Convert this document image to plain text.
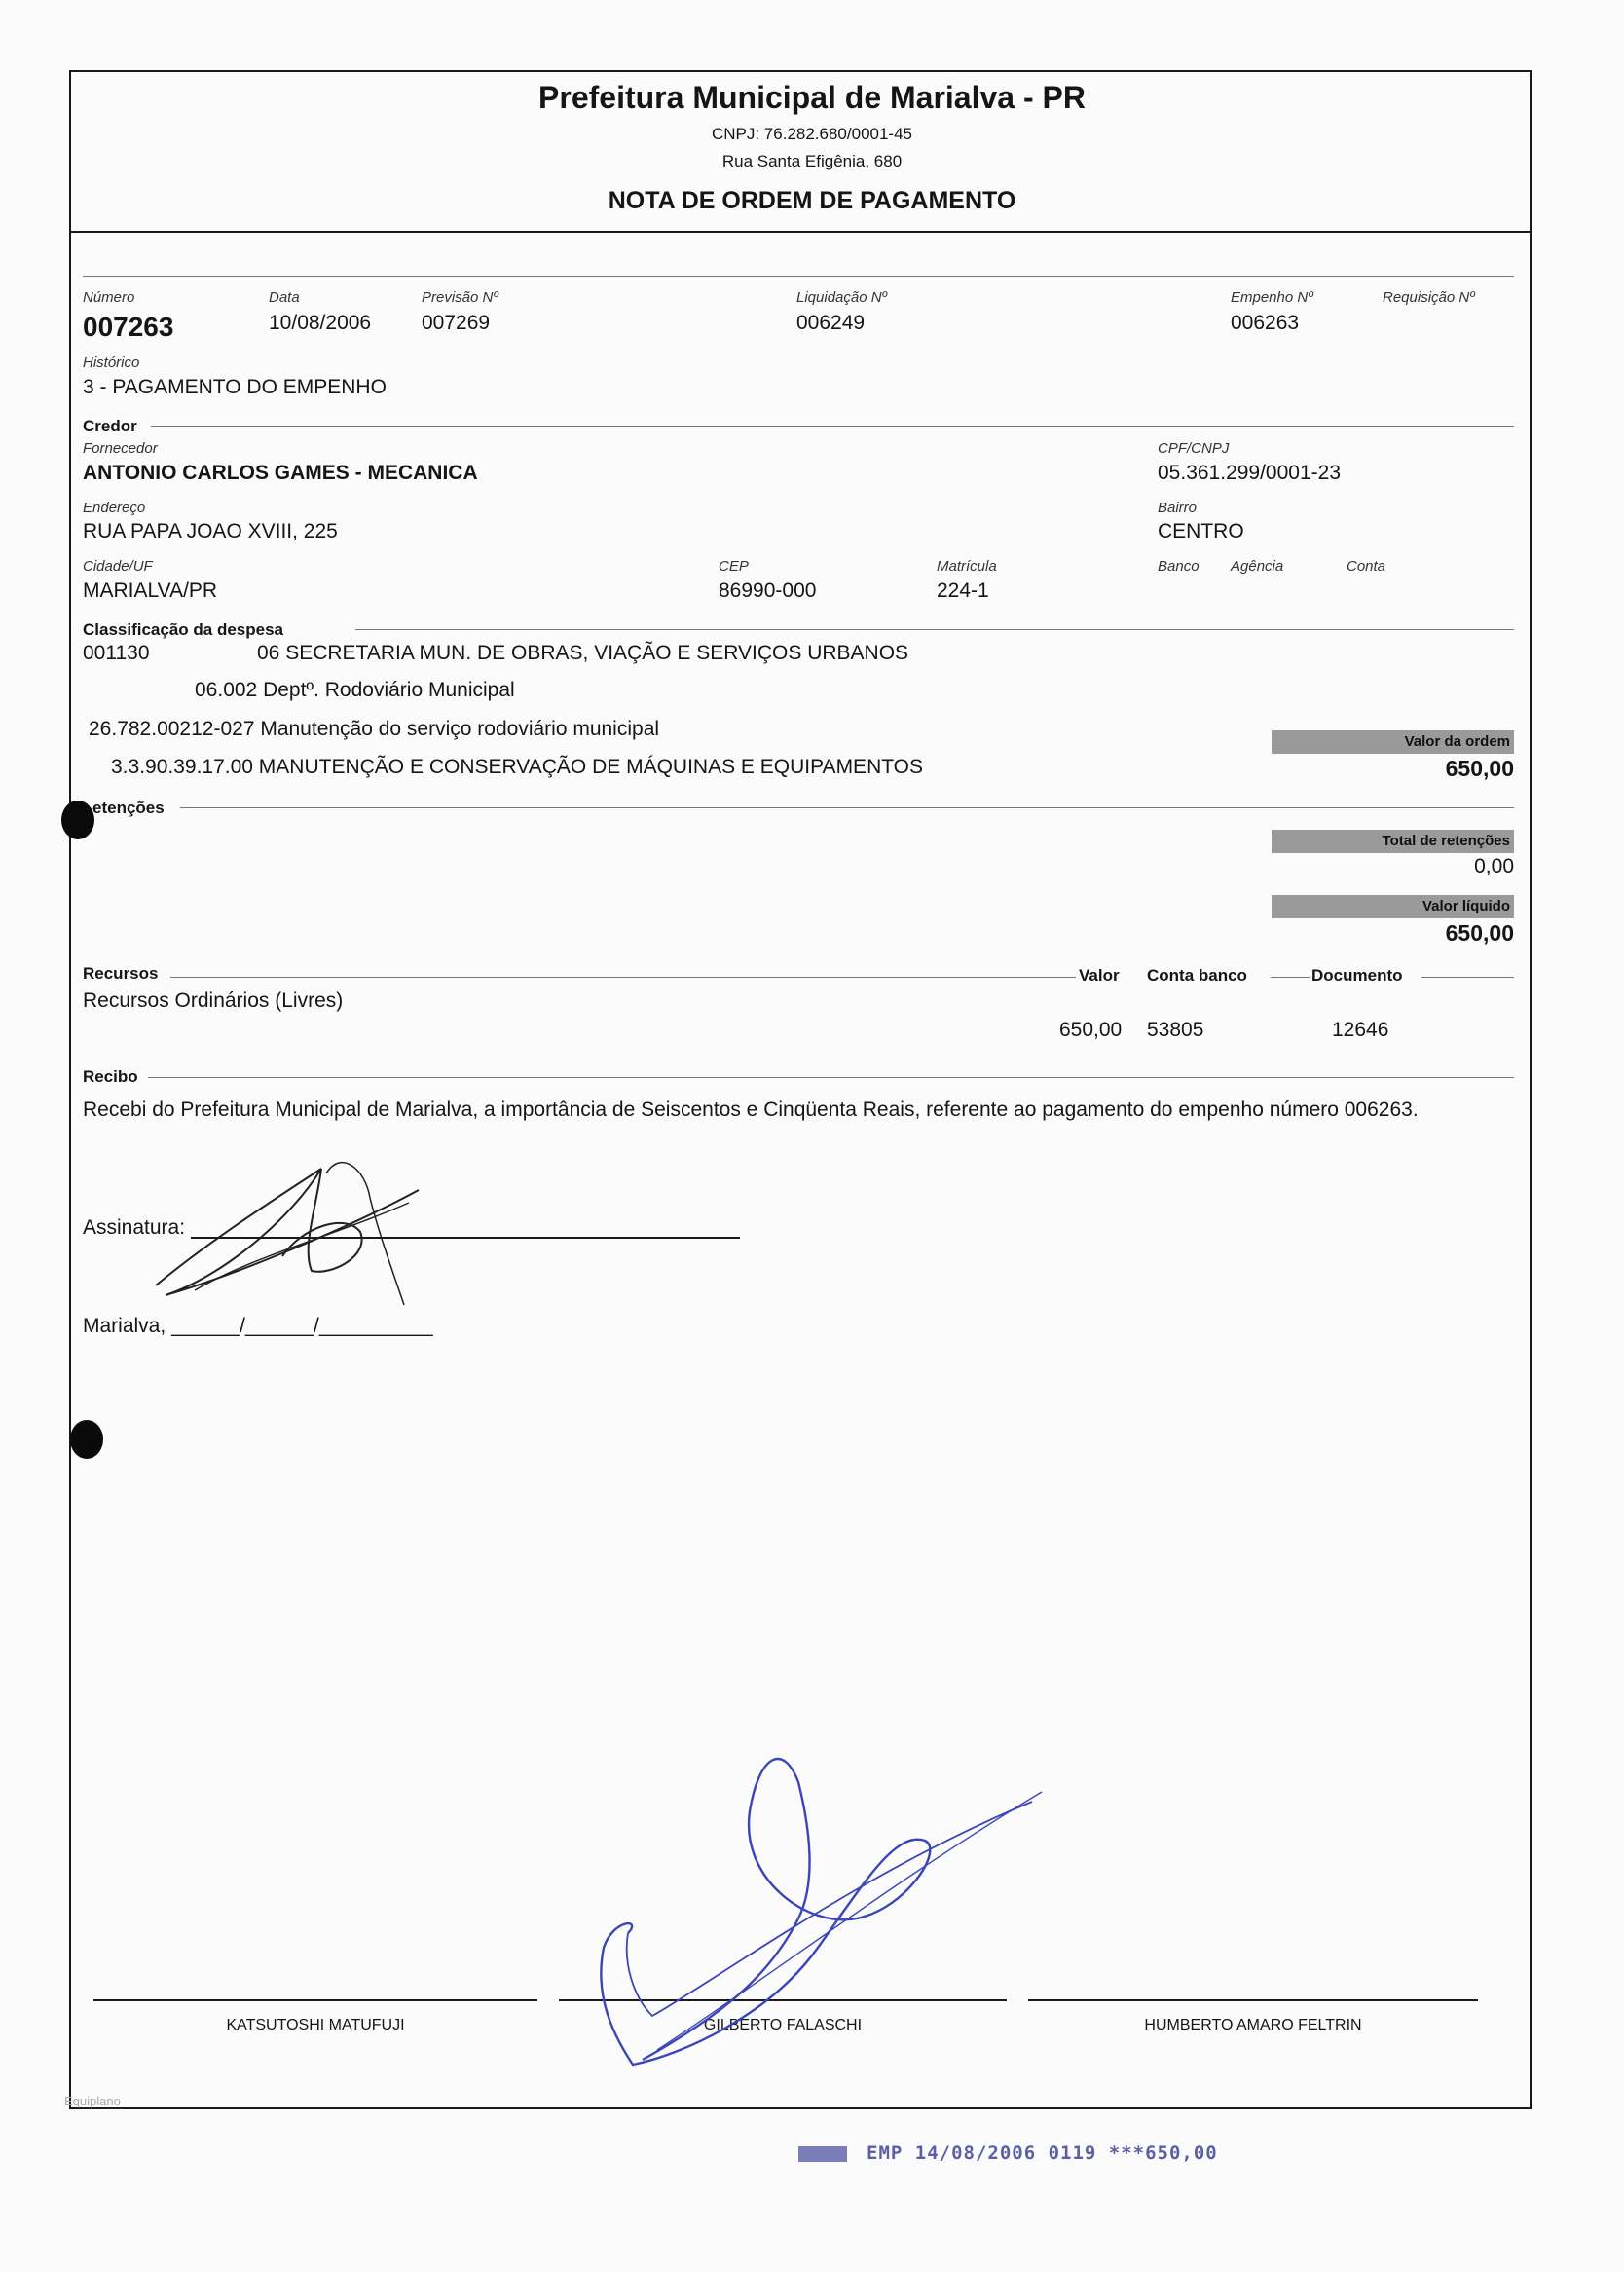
Prefeitura Municipal de Marialva - PR
CNPJ: 76.282.680/0001-45
Rua Santa Efigênia, 680
NOTA DE ORDEM DE PAGAMENTO
Número
007263
Data
10/08/2006
Previsão Nº
007269
Liquidação Nº
006249
Empenho Nº
006263
Requisição Nº
Histórico
3 - PAGAMENTO DO EMPENHO
Credor
Fornecedor
ANTONIO CARLOS GAMES - MECANICA
CPF/CNPJ
05.361.299/0001-23
Endereço
RUA PAPA JOAO XVIII, 225
Bairro
CENTRO
Cidade/UF
MARIALVA/PR
CEP
86990-000
Matrícula
224-1
Banco Agência	Conta
Classificação da despesa
001130	06 SECRETARIA MUN. DE OBRAS, VIAÇÃO E SERVIÇOS URBANOS
06.002 Deptº. Rodoviário Municipal
26.782.00212-027 Manutenção do serviço rodoviário municipal
3.3.90.39.17.00 MANUTENÇÃO E CONSERVAÇÃO DE MÁQUINAS E EQUIPAMENTOS
Valor da ordem
650,00
etenções
Total de retenções
0,00
Valor líquido
650,00
Recursos	Valor Conta banco	Documento
Recursos Ordinários (Livres)
650,00 53805	12646
Recibo
Recebi do Prefeitura Municipal de Marialva, a importância de Seiscentos e Cinqüenta Reais, referente ao pagamento do empenho número 006263.
Assinatura:
Marialva, ______/______/__________
KATSUTOSHI MATUFUJI	GILBERTO FALASCHI	HUMBERTO AMARO FELTRIN
Equiplano
EMP 14/08/2006 0119 ***650,00
